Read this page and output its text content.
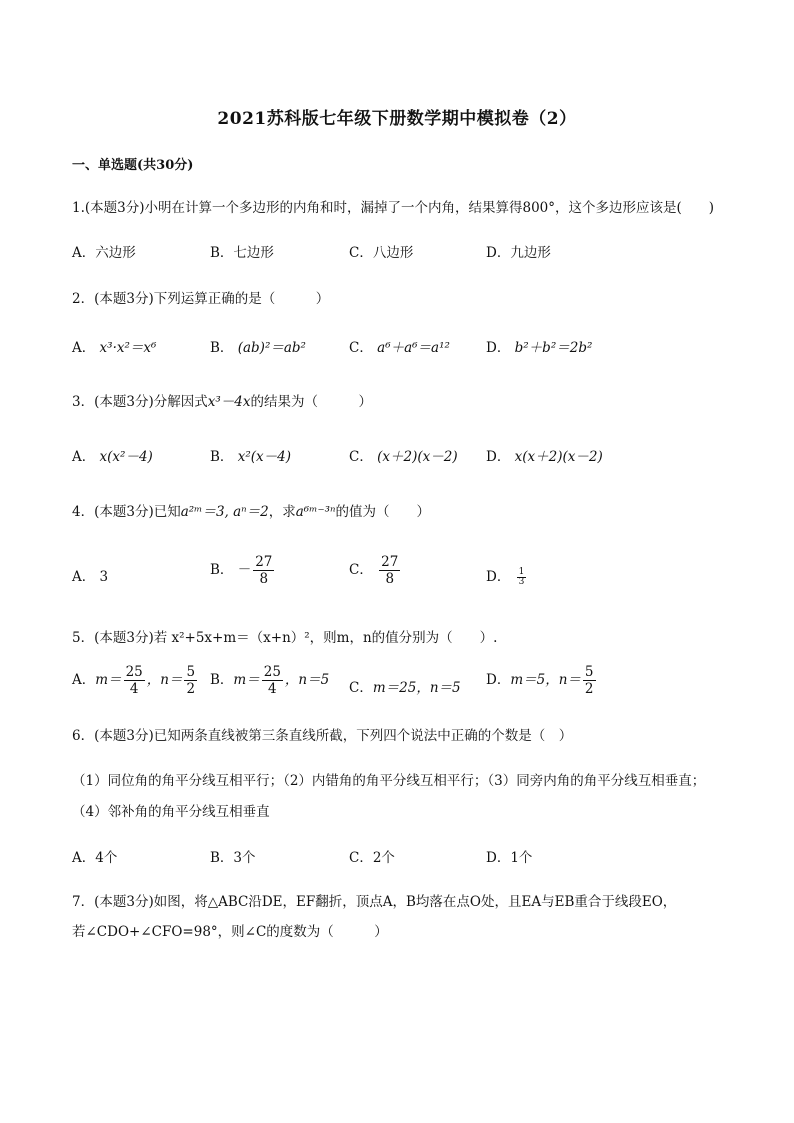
2021苏科版七年级下册数学期中模拟卷（2）
一、单选题(共30分)
1.(本题3分)小明在计算一个多边形的内角和时，漏掉了一个内角，结果算得800°，这个多边形应该是(　　)
A．六边形	B．七边形	C．八边形	D．九边形
2．(本题3分)下列运算正确的是（　　　）
A． x³·x²＝x⁶	B． (ab)²＝ab²	C． a⁶＋a⁶＝a¹²	D． b²＋b²＝2b²
3．(本题3分)分解因式x³－4x的结果为（　　　）
A． x(x²－4)	B． x²(x－4)	C． (x＋2)(x－2) D． x(x＋2)(x－2)
4．(本题3分)已知a²ᵐ＝3, aⁿ＝2，求a⁶ᵐ⁻³ⁿ的值为（　　）
A． 3	B． － $\frac{27}{8}$	C． $\frac{27}{8}$	D． $\frac{1}{3}$
5．(本题3分)若 x²+5x+m＝（x+n）²，则m，n的值分别为（　　）.
A．$m= \frac{25}{4}$ ，$n= \frac{5}{2}$ B．$m= \frac{25}{4}$ ，n＝5 C．m＝25，n＝5 D．m＝5，$n= \frac{5}{2}$
6．(本题3分)已知两条直线被第三条直线所截，下列四个说法中正确的个数是（　）
（1）同位角的角平分线互相平行；（2）内错角的角平分线互相平行；（3）同旁内角的角平分线互相垂直；
（4）邻补角的角平分线互相垂直
A．4个	B．3个	C．2个	D．1个
7．(本题3分)如图，将△ABC沿DE，EF翻折，顶点A，B均落在点O处，且EA与EB重合于线段EO，
若∠CDO+∠CFO=98°，则∠C的度数为（　　　）
